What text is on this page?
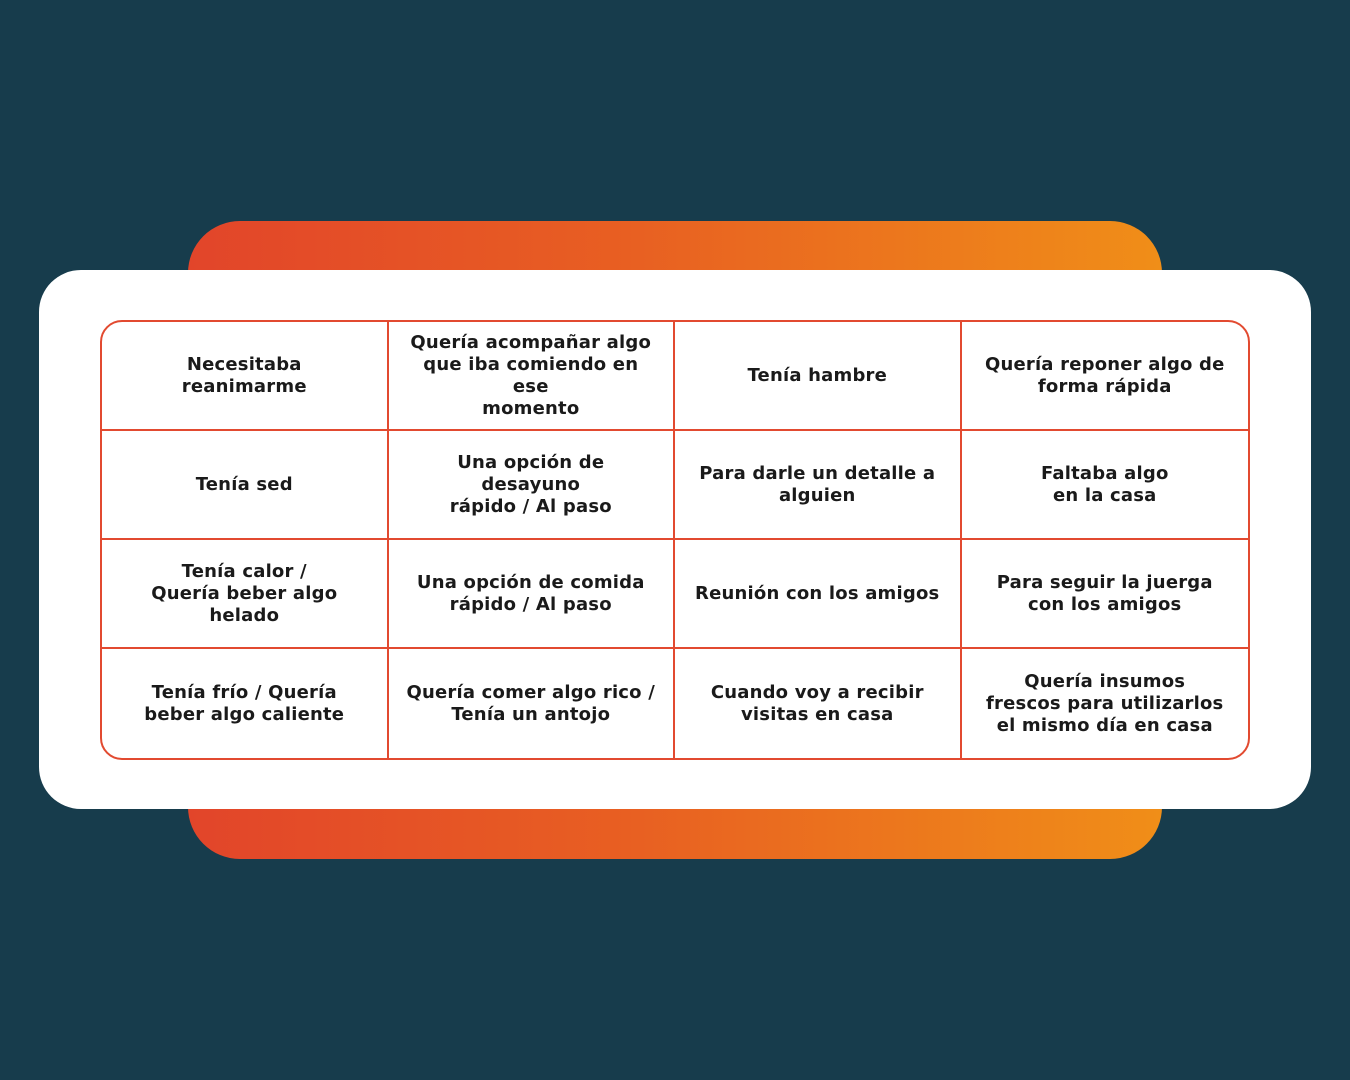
Necesitaba
reanimarme
Quería acompañar algo
que iba comiendo en ese
momento
Tenía hambre
Quería reponer algo de
forma rápida
Tenía sed
Una opción de desayuno
rápido / Al paso
Para darle un detalle a
alguien
Faltaba algo
en la casa
Tenía calor /
Quería beber algo helado
Una opción de comida
rápido / Al paso
Reunión con los amigos
Para seguir la juerga
con los amigos
Tenía frío / Quería
beber algo caliente
Quería comer algo rico /
Tenía un antojo
Cuando voy a recibir
visitas en casa
Quería insumos
frescos para utilizarlos
el mismo día en casa
